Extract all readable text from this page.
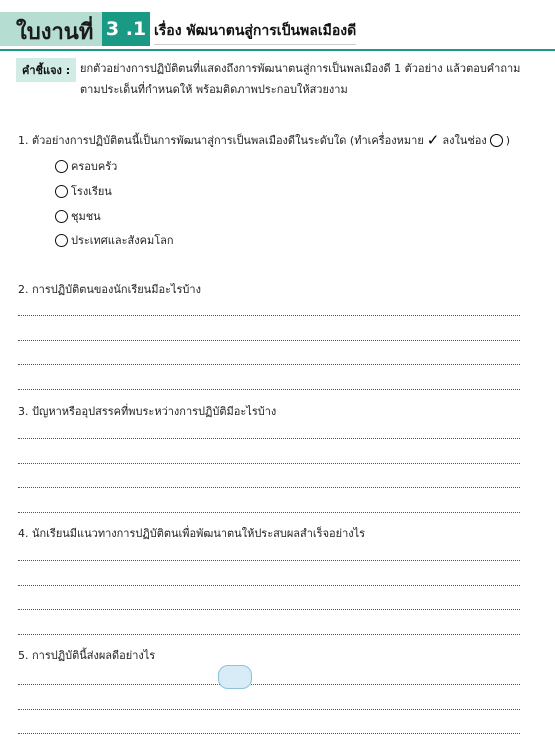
ใบงานที่ 3 .1 เรื่อง พัฒนาตนสู่การเป็นพลเมืองดี
คำชี้แจง : ยกตัวอย่างการปฏิบัติตนที่แสดงถึงการพัฒนาตนสู่การเป็นพลเมืองดี 1 ตัวอย่าง แล้วตอบคำถาม
ตามประเด็นที่กำหนดให้ พร้อมติดภาพประกอบให้สวยงาม
1. ตัวอย่างการปฏิบัติตนนี้เป็นการพัฒนาสู่การเป็นพลเมืองดีในระดับใด (ทำเครื่องหมาย ✓ ลงในช่อง )
ครอบครัว
โรงเรียน
ชุมชน
ประเทศและสังคมโลก
2. การปฏิบัติตนของนักเรียนมีอะไรบ้าง
3. ปัญหาหรืออุปสรรคที่พบระหว่างการปฏิบัติมีอะไรบ้าง
4. นักเรียนมีแนวทางการปฏิบัติตนเพื่อพัฒนาตนให้ประสบผลสำเร็จอย่างไร
5. การปฏิบัตินี้ส่งผลดีอย่างไร
